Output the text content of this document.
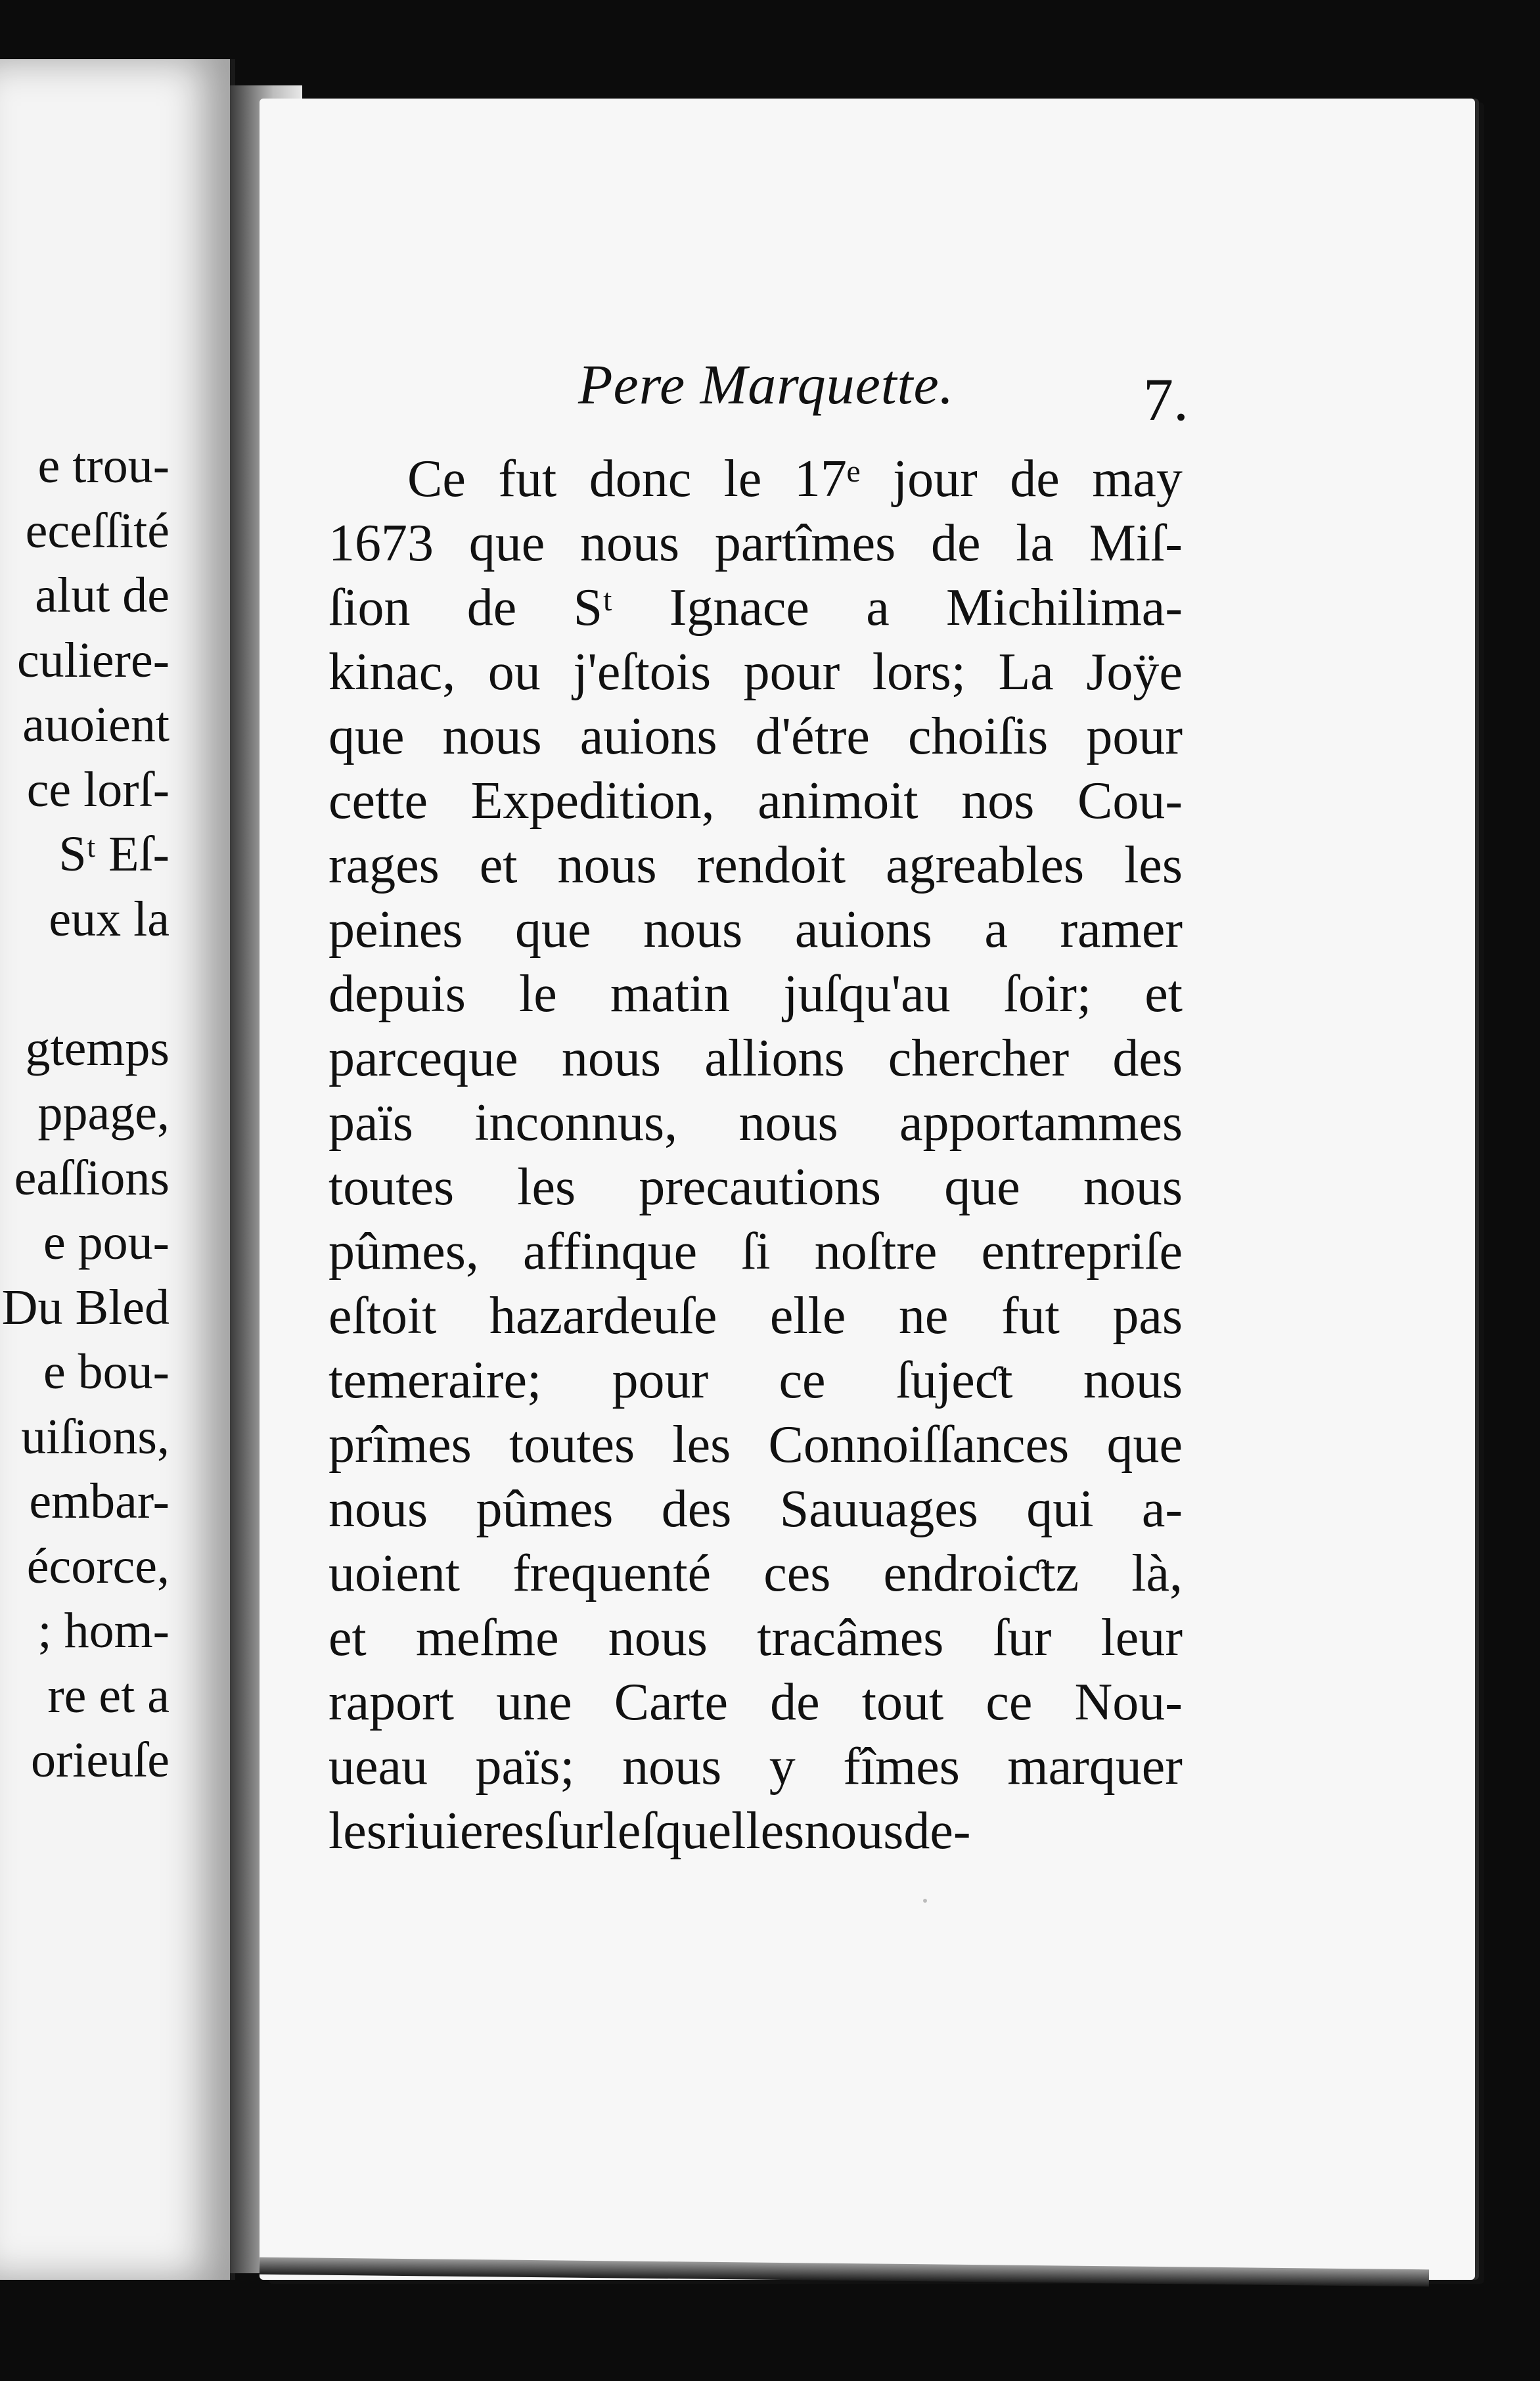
e trou-
eceſſité
alut de
culiere-
auoient
ce lorſ-
Sᵗ Eſ-
eux la
gtemps
ppage,
eaſſions
e pou-
Du Bled
e bou-
uiſions,
embar-
écorce,
; hom-
re et a
orieuſe
Pere Marquette.	7.
Ce fut donc le 17ᵉ jour de may
1673 que nous partîmes de la Miſ-
ſion de Sᵗ Ignace a Michilima-
kinac, ou j'eſtois pour lors; La Joÿe
que nous auions d'étre choiſis pour
cette Expedition, animoit nos Cou-
rages et nous rendoit agreables les
peines que nous auions a ramer
depuis le matin juſqu'au ſoir; et
parceque nous allions chercher des
païs inconnus, nous apportammes
toutes les precautions que nous
pûmes, affinque ſi noſtre entrepriſe
eſtoit hazardeuſe elle ne fut pas
temeraire; pour ce ſujeƈt nous
prîmes toutes les Connoiſſances que
nous pûmes des Sauuages qui a-
uoient frequenté ces endroiƈtz là,
et meſme nous tracâmes ſur leur
raport une Carte de tout ce Nou-
ueau païs; nous y fîmes marquer
les riuieres ſur leſquelles nous de-
